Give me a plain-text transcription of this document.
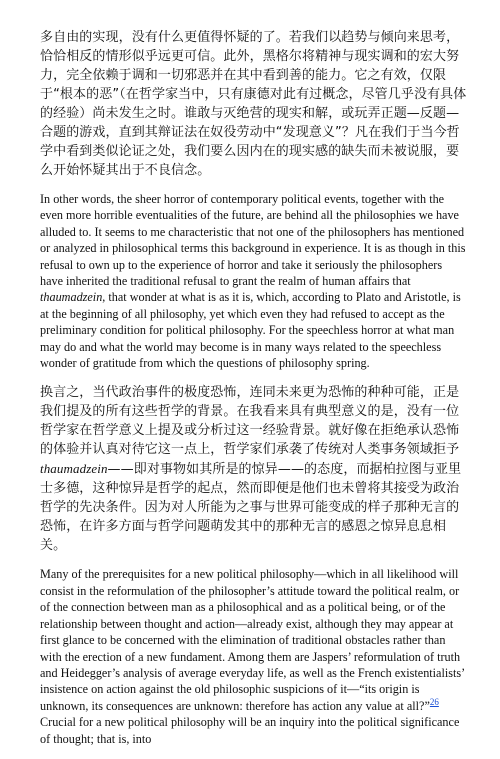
多自由的实现，没有什么更值得怀疑的了。若我们以趋势与倾向来思考，恰恰相反的情形似乎远更可信。此外，黑格尔将精神与现实调和的宏大努力，完全依赖于调和一切邪恶并在其中看到善的能力。它之有效，仅限于“根本的恶”（在哲学家当中，只有康德对此有过概念，尽管几乎没有具体的经验）尚未发生之时。谁敢与灭绝营的现实和解，或玩弄正题—反题—合题的游戏，直到其辩证法在奴役劳动中“发现意义”？凡在我们于当今哲学中看到类似论证之处，我们要么因内在的现实感的缺失而未被说服，要么开始怀疑其出于不良信念。

In other words, the sheer horror of contemporary political events, together with the even more horrible eventualities of the future, are behind all the philosophies we have alluded to. It seems to me characteristic that not one of the philosophers has mentioned or analyzed in philosophical terms this background in experience. It is as though in this refusal to own up to the experience of horror and take it seriously the philosophers have inherited the traditional refusal to grant the realm of human affairs that thaumadzein, that wonder at what is as it is, which, according to Plato and Aristotle, is at the beginning of all philosophy, yet which even they had refused to accept as the preliminary condition for political philosophy. For the speechless horror at what man may do and what the world may become is in many ways related to the speechless wonder of gratitude from which the questions of philosophy spring.

换言之，当代政治事件的极度恐怖，连同未来更为恐怖的种种可能，正是我们提及的所有这些哲学的背景。在我看来具有典型意义的是，没有一位哲学家在哲学意义上提及或分析过这一经验背景。就好像在拒绝承认恐怖的体验并认真对待它这一点上，哲学家们承袭了传统对人类事务领域拒予
thaumadzein——即对事物如其所是的惊异——的态度，而据柏拉图与亚里士多德，这种惊异是哲学的起点，然而即便是他们也未曾将其接受为政治哲学的先决条件。因为对人所能为之事与世界可能变成的样子那种无言的恐怖，在许多方面与哲学问题萌发其中的那种无言的感恩之惊异息息相关。

Many of the prerequisites for a new political philosophy—which in all likelihood will consist in the reformulation of the philosopher’s attitude toward the political realm, or of the connection between man as a philosophical and as a political being, or of the relationship between thought and action—already exist, although they may appear at first glance to be concerned with the elimination of traditional obstacles rather than with the erection of a new fundament. Among them are Jaspers’ reformulation of truth and Heidegger’s analysis of average everyday life, as well as the French existentialists’ insistence on action against the old philosophic suspicions of it—“its origin is unknown, its consequences are unknown: therefore has action any value at all?”$^{26}$ Crucial for a new political philosophy will be an inquiry into the political significance of thought; that is, into
